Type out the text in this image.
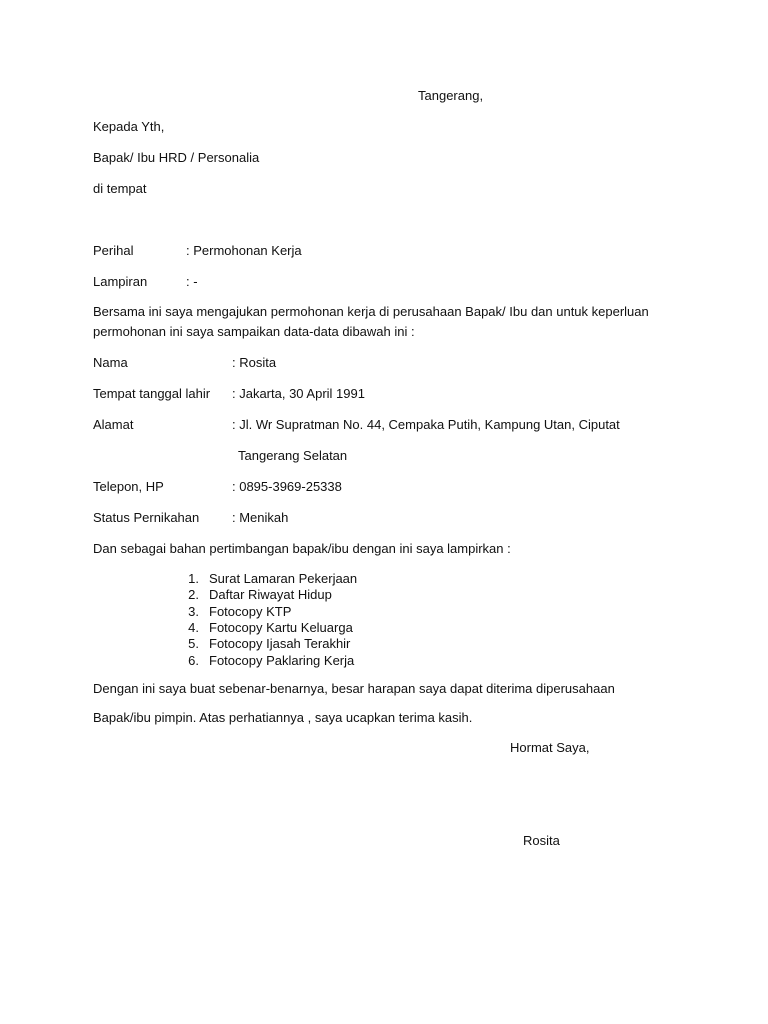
Tangerang,
Kepada Yth,
Bapak/ Ibu HRD / Personalia
di tempat
Perihal	: Permohonan Kerja
Lampiran	: -
Bersama ini saya mengajukan permohonan kerja di perusahaan Bapak/ Ibu dan untuk keperluan permohonan ini saya sampaikan data-data dibawah ini :
Nama	: Rosita
Tempat tanggal lahir : Jakarta, 30 April 1991
Alamat	: Jl. Wr Supratman No. 44, Cempaka Putih, Kampung Utan, Ciputat
Tangerang Selatan
Telepon, HP	: 0895-3969-25338
Status Pernikahan	: Menikah
Dan sebagai bahan pertimbangan bapak/ibu dengan ini saya lampirkan :
1. Surat Lamaran Pekerjaan
2. Daftar Riwayat Hidup
3. Fotocopy KTP
4. Fotocopy Kartu Keluarga
5. Fotocopy Ijasah Terakhir
6. Fotocopy Paklaring Kerja
Dengan ini saya buat sebenar-benarnya, besar harapan saya dapat diterima diperusahaan
Bapak/ibu pimpin. Atas perhatiannya , saya ucapkan terima kasih.
Hormat Saya,
Rosita
